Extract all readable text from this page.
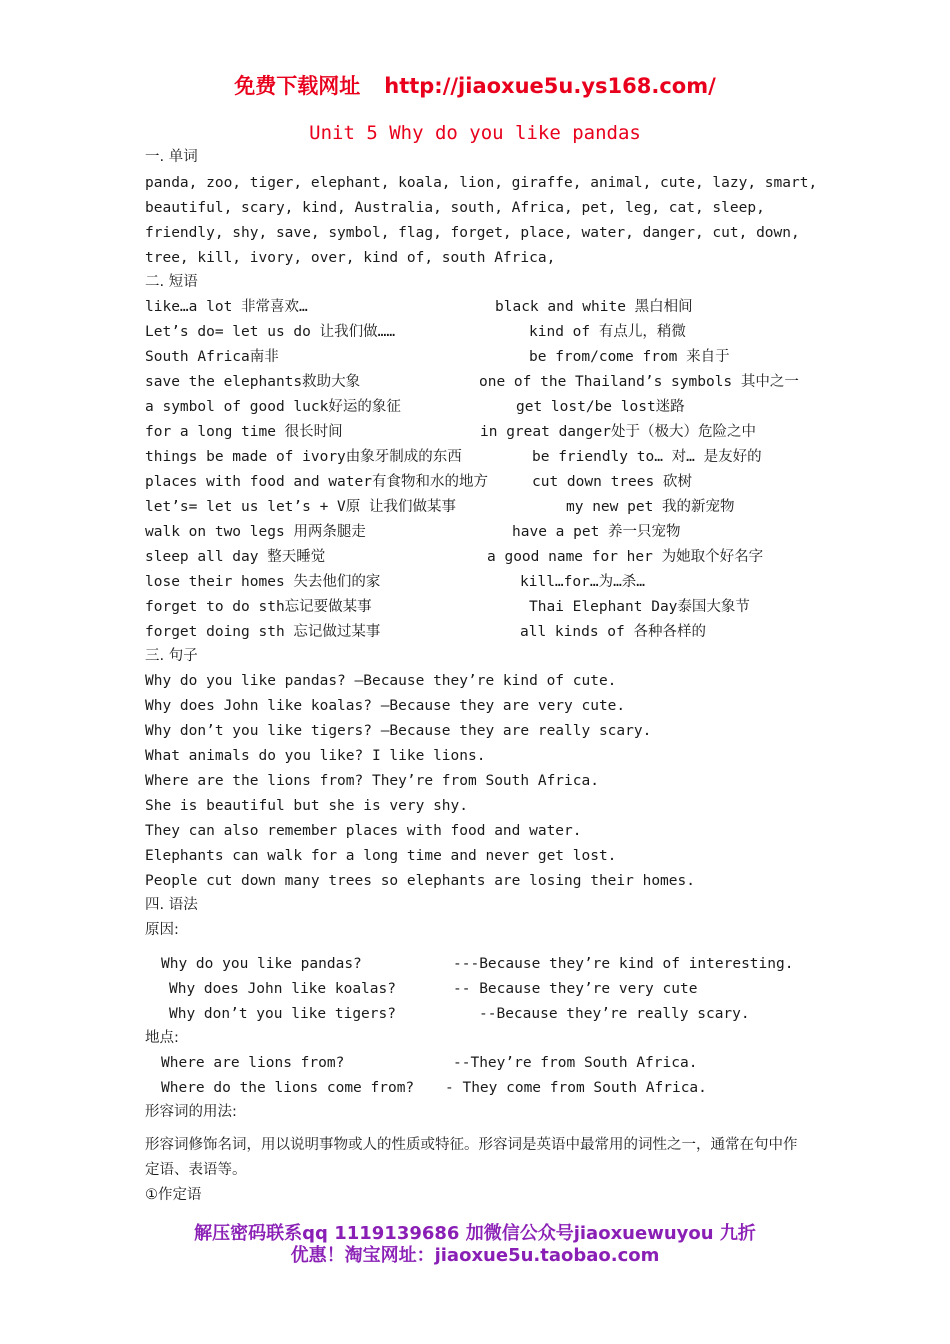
免费下载网址 http://jiaoxue5u.ys168.com/
Unit 5 Why do you like pandas
一. 单词
panda, zoo, tiger, elephant, koala, lion, giraffe, animal, cute, lazy, smart,
beautiful, scary, kind, Australia, south, Africa, pet, leg, cat, sleep,
friendly, shy, save, symbol, flag, forget, place, water, danger, cut, down,
tree, kill, ivory, over, kind of, south Africa,
二. 短语
like…a lot 非常喜欢…	black and white 黑白相间
Let’s do= let us do 让我们做……	kind of 有点儿，稍微
South Africa南非	be from/come from 来自于
save the elephants救助大象	one of the Thailand’s symbols 其中之一
a symbol of good luck好运的象征	get lost/be lost迷路
for a long time 很长时间	in great danger处于（极大）危险之中
things be made of ivory由象牙制成的东西	be friendly to… 对… 是友好的
places with food and water有食物和水的地方	cut down trees 砍树
let’s= let us let’s + V原 让我们做某事	my new pet 我的新宠物
walk on two legs 用两条腿走	have a pet 养一只宠物
sleep all day 整天睡觉	a good name for her 为她取个好名字
lose their homes 失去他们的家	kill…for…为…杀…
forget to do sth忘记要做某事	Thai Elephant Day泰国大象节
forget doing sth 忘记做过某事	all kinds of 各种各样的
三. 句子
Why do you like pandas? —Because they’re kind of cute.
Why does John like koalas? —Because they are very cute.
Why don’t you like tigers? —Because they are really scary.
What animals do you like? I like lions.
Where are the lions from? They’re from South Africa.
She is beautiful but she is very shy.
They can also remember places with food and water.
Elephants can walk for a long time and never get lost.
People cut down many trees so elephants are losing their homes.
四. 语法
原因:
Why do you like pandas?	---Because they’re kind of interesting.
Why does John like koalas?	-- Because they’re very cute
Why don’t you like tigers?	--Because they’re really scary.
地点:
Where are lions from?	--They’re from South Africa.
Where do the lions come from? - They come from South Africa.
形容词的用法:
形容词修饰名词，用以说明事物或人的性质或特征。形容词是英语中最常用的词性之一，通常在句中作定语、表语等。
①作定语
解压密码联系qq 1119139686 加微信公众号jiaoxuewuyou 九折
优惠！淘宝网址：jiaoxue5u.taobao.com
